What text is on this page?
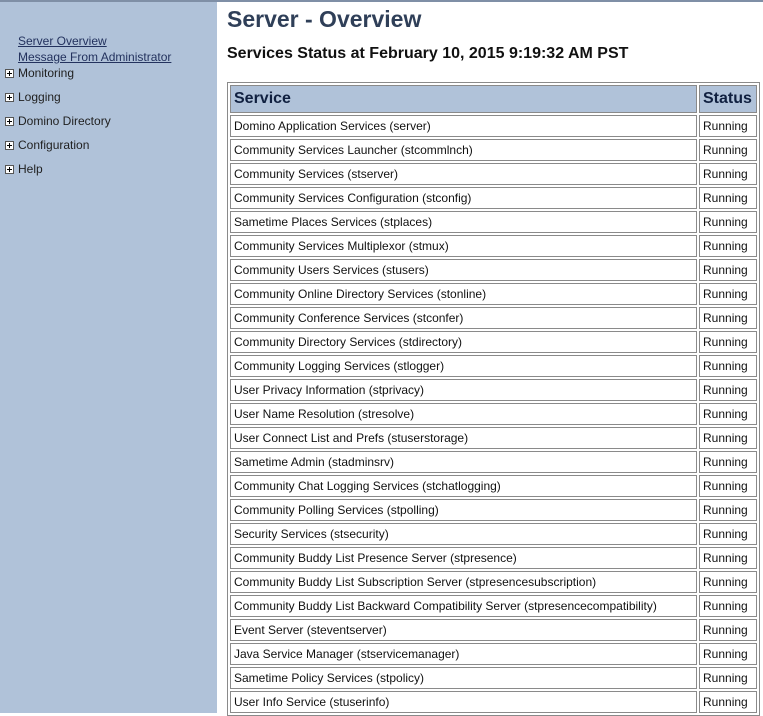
Server Overview
Message From Administrator
Monitoring
Logging
Domino Directory
Configuration
Help
Server - Overview
Services Status at February 10, 2015 9:19:32 AM PST
Service	Status
Domino Application Services (server)	Running
Community Services Launcher (stcommlnch)	Running
Community Services (stserver)	Running
Community Services Configuration (stconfig)	Running
Sametime Places Services (stplaces)	Running
Community Services Multiplexor (stmux)	Running
Community Users Services (stusers)	Running
Community Online Directory Services (stonline)	Running
Community Conference Services (stconfer)	Running
Community Directory Services (stdirectory)	Running
Community Logging Services (stlogger)	Running
User Privacy Information (stprivacy)	Running
User Name Resolution (stresolve)	Running
User Connect List and Prefs (stuserstorage)	Running
Sametime Admin (stadminsrv)	Running
Community Chat Logging Services (stchatlogging)	Running
Community Polling Services (stpolling)	Running
Security Services (stsecurity)	Running
Community Buddy List Presence Server (stpresence)	Running
Community Buddy List Subscription Server (stpresencesubscription)	Running
Community Buddy List Backward Compatibility Server (stpresencecompatibility)	Running
Event Server (steventserver)	Running
Java Service Manager (stservicemanager)	Running
Sametime Policy Services (stpolicy)	Running
User Info Service (stuserinfo)	Running
